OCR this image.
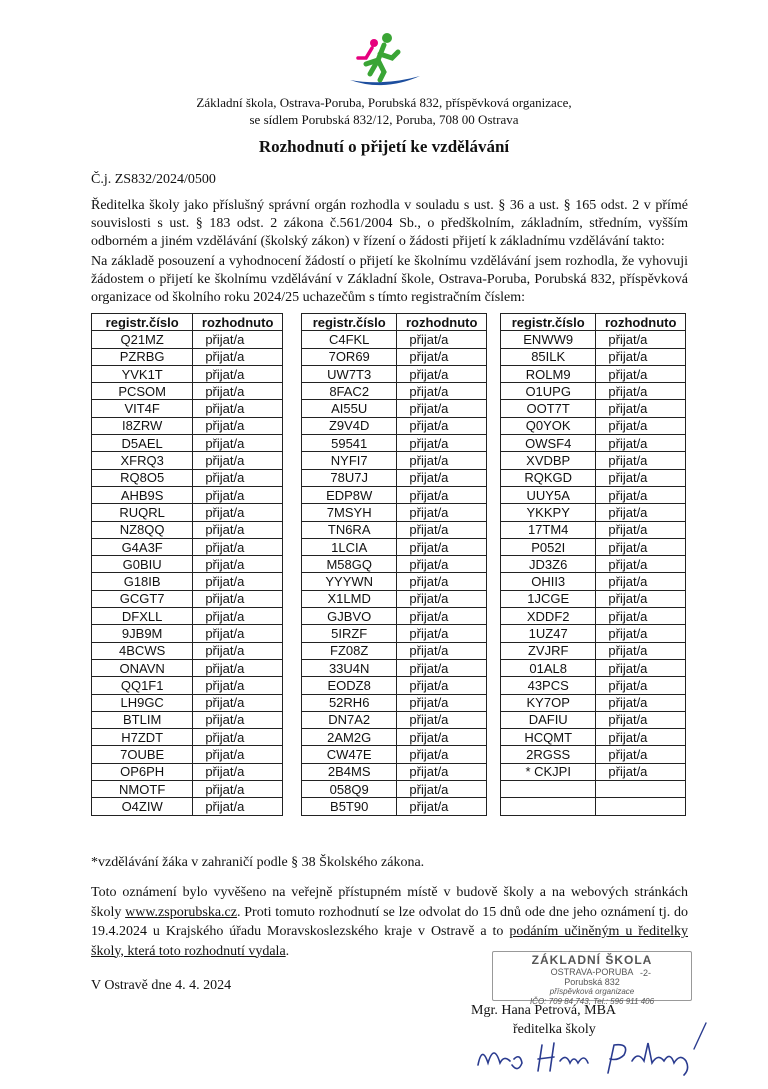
Základní škola, Ostrava-Poruba, Porubská 832, příspěvková organizace,
se sídlem Porubská 832/12, Poruba, 708 00 Ostrava
Rozhodnutí o přijetí ke vzdělávání
Č.j. ZS832/2024/0500
Ředitelka školy jako příslušný správní orgán rozhodla v souladu s ust. § 36 a ust. § 165 odst. 2 v přímé souvislosti s ust. § 183 odst. 2 zákona č.561/2004 Sb., o předškolním, základním, středním, vyšším odborném a jiném vzdělávání (školský zákon) v řízení o žádosti přijetí k základnímu vzdělávání takto:
Na základě posouzení a vyhodnocení žádostí o přijetí ke školnímu vzdělávání jsem rozhodla, že vyhovuji žádostem o přijetí ke školnímu vzdělávání v Základní škole, Ostrava-Poruba, Porubská 832, příspěvková organizace od školního roku 2024/25 uchazečům s tímto registračním číslem:
registr.číslo	rozhodnuto
Q21MZ	přijat/a
PZRBG	přijat/a
YVK1T	přijat/a
PCSOM	přijat/a
VIT4F	přijat/a
I8ZRW	přijat/a
D5AEL	přijat/a
XFRQ3	přijat/a
RQ8O5	přijat/a
AHB9S	přijat/a
RUQRL	přijat/a
NZ8QQ	přijat/a
G4A3F	přijat/a
G0BIU	přijat/a
G18IB	přijat/a
GCGT7	přijat/a
DFXLL	přijat/a
9JB9M	přijat/a
4BCWS	přijat/a
ONAVN	přijat/a
QQ1F1	přijat/a
LH9GC	přijat/a
BTLIM	přijat/a
H7ZDT	přijat/a
7OUBE	přijat/a
OP6PH	přijat/a
NMOTF	přijat/a
O4ZIW	přijat/a
registr.číslo	rozhodnuto
C4FKL	přijat/a
7OR69	přijat/a
UW7T3	přijat/a
8FAC2	přijat/a
AI55U	přijat/a
Z9V4D	přijat/a
59541	přijat/a
NYFI7	přijat/a
78U7J	přijat/a
EDP8W	přijat/a
7MSYH	přijat/a
TN6RA	přijat/a
1LCIA	přijat/a
M58GQ	přijat/a
YYYWN	přijat/a
X1LMD	přijat/a
GJBVO	přijat/a
5IRZF	přijat/a
FZ08Z	přijat/a
33U4N	přijat/a
EODZ8	přijat/a
52RH6	přijat/a
DN7A2	přijat/a
2AM2G	přijat/a
CW47E	přijat/a
2B4MS	přijat/a
058Q9	přijat/a
B5T90	přijat/a
registr.číslo	rozhodnuto
ENWW9	přijat/a
85ILK	přijat/a
ROLM9	přijat/a
O1UPG	přijat/a
OOT7T	přijat/a
Q0YOK	přijat/a
OWSF4	přijat/a
XVDBP	přijat/a
RQKGD	přijat/a
UUY5A	přijat/a
YKKPY	přijat/a
17TM4	přijat/a
P052I	přijat/a
JD3Z6	přijat/a
OHII3	přijat/a
1JCGE	přijat/a
XDDF2	přijat/a
1UZ47	přijat/a
ZVJRF	přijat/a
01AL8	přijat/a
43PCS	přijat/a
KY7OP	přijat/a
DAFIU	přijat/a
HCQMT	přijat/a
2RGSS	přijat/a
* CKJPI	přijat/a

*vzdělávání žáka v zahraničí podle § 38 Školského zákona.
Toto oznámení bylo vyvěšeno na veřejně přístupném místě v budově školy a na webových stránkách školy www.zsporubska.cz. Proti tomuto rozhodnutí se lze odvolat do 15 dnů ode dne jeho oznámení tj. do 19.4.2024 u Krajského úřadu Moravskoslezského kraje v Ostravě a to podáním učiněným u ředitelky školy, která toto rozhodnutí vydala.
V Ostravě dne 4. 4. 2024
ZÁKLADNÍ ŠKOLA
OSTRAVA-PORUBA
Porubská 832
příspěvková organizace
IČO: 709 84 743, Tel.: 596 911 406
-2-
Mgr. Hana Petrová, MBA
ředitelka školy
